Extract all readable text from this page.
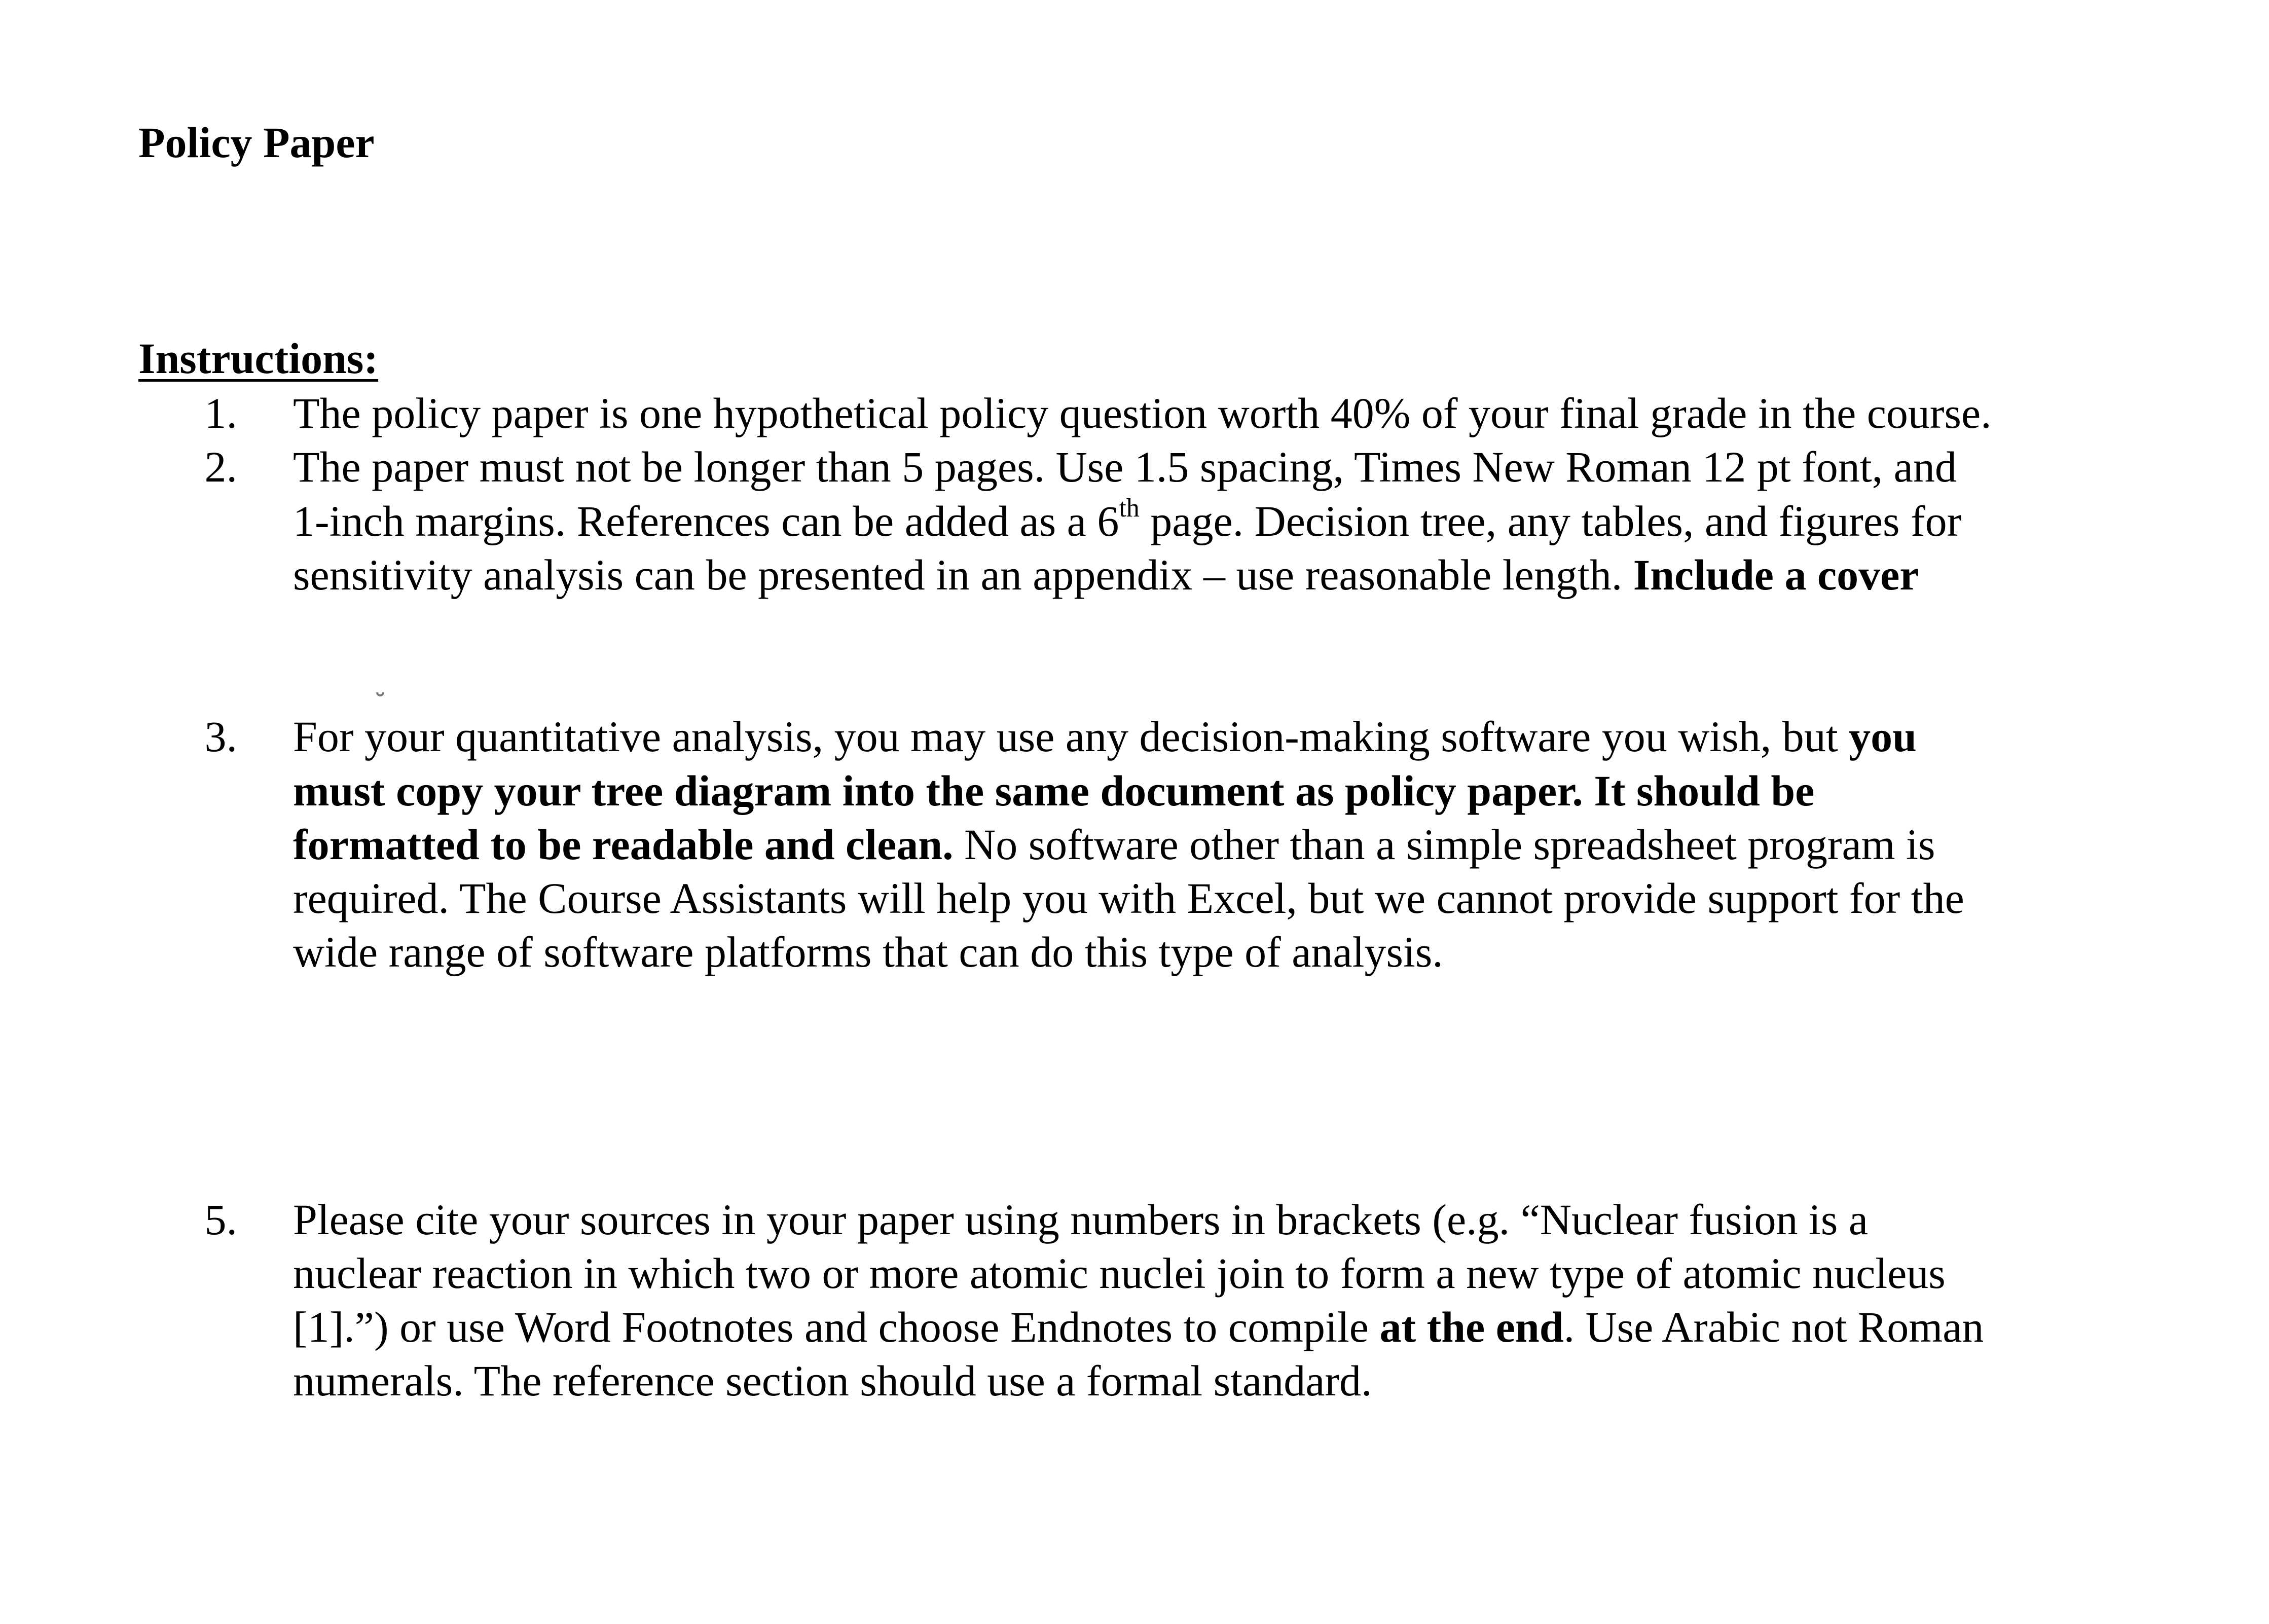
Policy Paper
Instructions:
1. The policy paper is one hypothetical policy question worth 40% of your final grade in the course.
2. The paper must not be longer than 5 pages. Use 1.5 spacing, Times New Roman 12 pt font, and
1-inch margins. References can be added as a 6th page. Decision tree, any tables, and figures for
sensitivity analysis can be presented in an appendix – use reasonable length. Include a cover
3. For your quantitative analysis, you may use any decision-making software you wish, but you
must copy your tree diagram into the same document as policy paper. It should be
formatted to be readable and clean. No software other than a simple spreadsheet program is
required. The Course Assistants will help you with Excel, but we cannot provide support for the
wide range of software platforms that can do this type of analysis.
5. Please cite your sources in your paper using numbers in brackets (e.g. “Nuclear fusion is a
nuclear reaction in which two or more atomic nuclei join to form a new type of atomic nucleus
[1].”) or use Word Footnotes and choose Endnotes to compile at the end. Use Arabic not Roman
numerals. The reference section should use a formal standard.
